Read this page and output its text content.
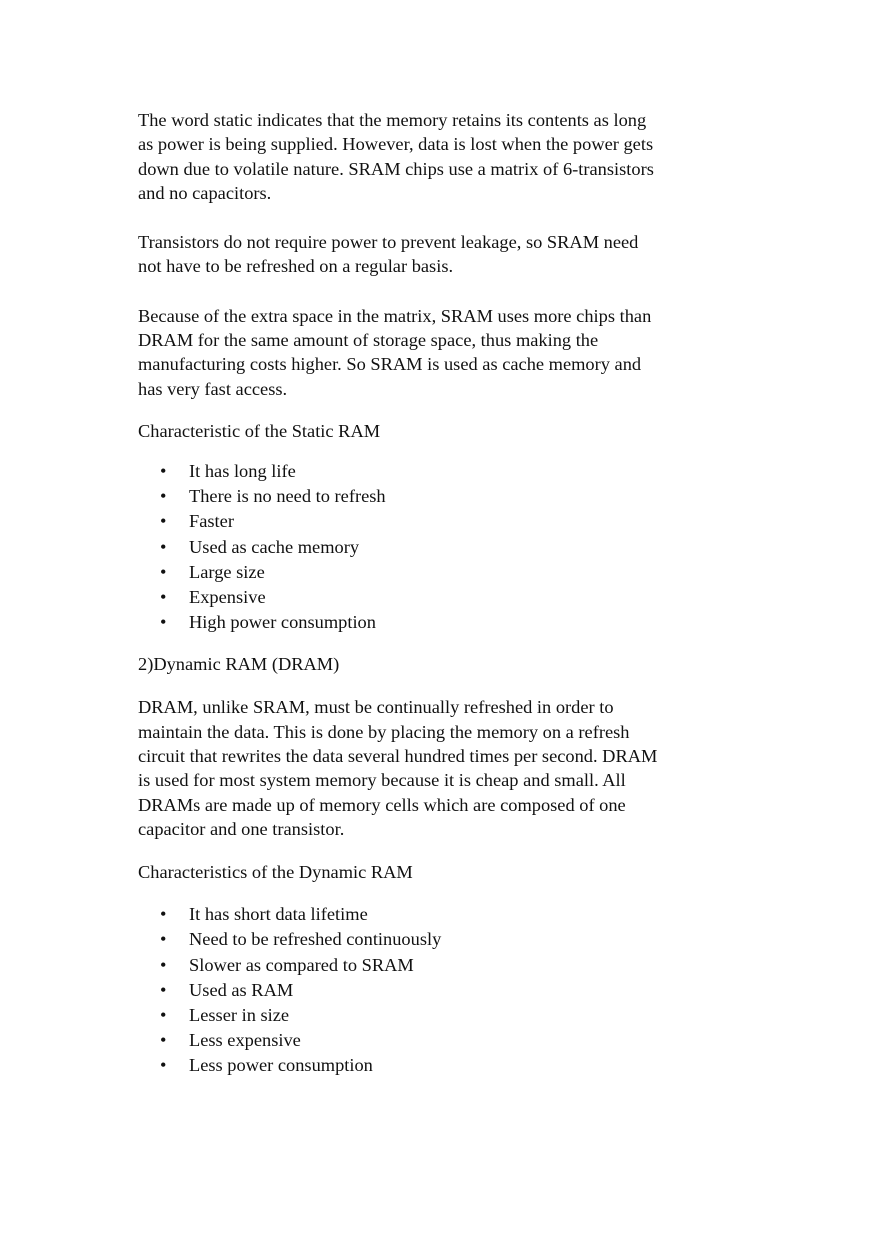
The word static indicates that the memory retains its contents as long
as power is being supplied. However, data is lost when the power gets
down due to volatile nature. SRAM chips use a matrix of 6-transistors
and no capacitors.

Transistors do not require power to prevent leakage, so SRAM need
not have to be refreshed on a regular basis.

Because of the extra space in the matrix, SRAM uses more chips than
DRAM for the same amount of storage space, thus making the
manufacturing costs higher. So SRAM is used as cache memory and
has very fast access.

Characteristic of the Static RAM

• It has long life
• There is no need to refresh
• Faster
• Used as cache memory
• Large size
• Expensive
• High power consumption

2)Dynamic RAM (DRAM)

DRAM, unlike SRAM, must be continually refreshed in order to
maintain the data. This is done by placing the memory on a refresh
circuit that rewrites the data several hundred times per second. DRAM
is used for most system memory because it is cheap and small. All
DRAMs are made up of memory cells which are composed of one
capacitor and one transistor.

Characteristics of the Dynamic RAM

• It has short data lifetime
• Need to be refreshed continuously
• Slower as compared to SRAM
• Used as RAM
• Lesser in size
• Less expensive
• Less power consumption
